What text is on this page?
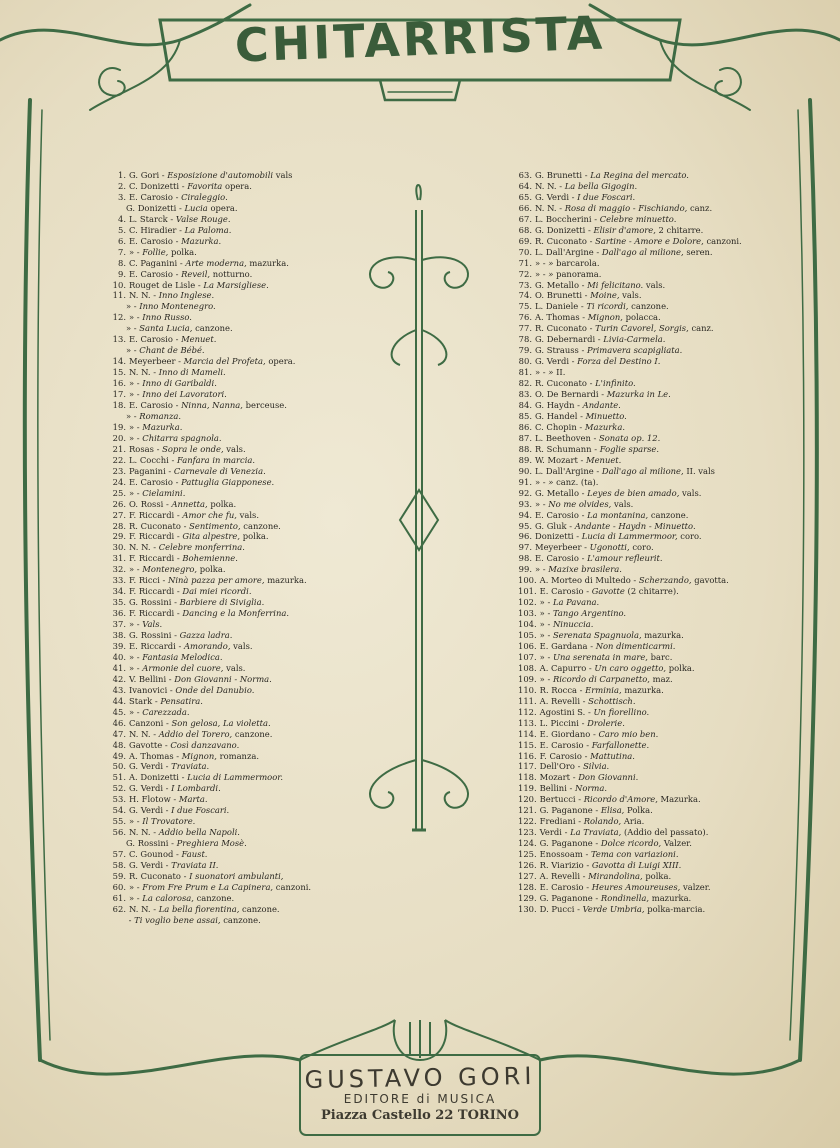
CHITARRISTA
1. G. Gori - Esposizione d'automobili vals
2. C. Donizetti - Favorita opera.
3. E. Carosio - Ciraleggio.
G. Donizetti - Lucia opera.
4. L. Starck - Valse Rouge.
5. C. Hiradier - La Paloma.
6. E. Carosio - Mazurka.
7. » - Follie, polka.
8. C. Paganini - Arte moderna, mazurka.
9. E. Carosio - Reveil, notturno.
10. Rouget de Lisle - La Marsigliese.
11. N. N. - Inno Inglese.
» - Inno Montenegro.
12. » - Inno Russo.
» - Santa Lucia, canzone.
13. E. Carosio - Menuet.
» - Chant de Bébé.
14. Meyerbeer - Marcia del Profeta, opera.
15. N. N. - Inno di Mameli.
16. » - Inno di Garibaldi.
17. » - Inno dei Lavoratori.
18. E. Carosio - Ninna, Nanna, berceuse.
» - Romanza.
19. » - Mazurka.
20. » - Chitarra spagnola.
21. Rosas - Sopra le onde, vals.
22. L. Cocchi - Fanfara in marcia.
23. Paganini - Carnevale di Venezia.
24. E. Carosio - Pattuglia Giapponese.
25. » - Cielamini.
26. O. Rossi - Annetta, polka.
27. F. Riccardi - Amor che fu, vals.
28. R. Cuconato - Sentimento, canzone.
29. F. Riccardi - Gita alpestre, polka.
30. N. N. - Celebre monferrina.
31. F. Riccardi - Bohemienne.
32. » - Montenegro, polka.
33. F. Ricci - Ninà pazza per amore, mazurka.
34. F. Riccardi - Dai miei ricordi.
35. G. Rossini - Barbiere di Siviglia.
36. F. Riccardi - Dancing e la Monferrina.
37. » - Vals.
38. G. Rossini - Gazza ladra.
39. E. Riccardi - Amorando, vals.
40. » - Fantasia Melodica.
41. » - Armonie del cuore, vals.
42. V. Bellini - Don Giovanni - Norma.
43. Ivanovici - Onde del Danubio.
44. Stark - Pensatira.
45. » - Carezzada.
46. Canzoni - Son gelosa, La violetta.
47. N. N. - Addio del Torero, canzone.
48. Gavotte - Così danzavano.
49. A. Thomas - Mignon, romanza.
50. G. Verdi - Traviata.
51. A. Donizetti - Lucia di Lammermoor.
52. G. Verdi - I Lombardi.
53. H. Flotow - Marta.
54. G. Verdi - I due Foscari.
55. » - Il Trovatore.
56. N. N. - Addio bella Napoli.
G. Rossini - Preghiera Mosè.
57. C. Gounod - Faust.
58. G. Verdi - Traviata II.
59. R. Cuconato - I suonatori ambulanti,
60. » - From Fre Prum e La Capinera, canzoni.
61. » - La calorosa, canzone.
62. N. N. - La bella fiorentina, canzone.
- Ti voglio bene assai, canzone.
63. G. Brunetti - La Regina del mercato.
64. N. N. - La bella Gigogin.
65. G. Verdi - I due Foscari.
66. N. N. - Rosa di maggio - Fischiando, canz.
67. L. Boccherini - Celebre minuetto.
68. G. Donizetti - Elisir d'amore, 2 chitarre.
69. R. Cuconato - Sartine - Amore e Dolore, canzoni.
70. L. Dall'Argine - Dall'ago al milione, seren.
71. » - » barcarola.
72. » - » panorama.
73. G. Metallo - Mi felicitano. vals.
74. O. Brunetti - Moine, vals.
75. L. Daniele - Ti ricordi, canzone.
76. A. Thomas - Mignon, polacca.
77. R. Cuconato - Turin Cavorel, Sorgis, canz.
78. G. Debernardi - Livia-Carmela.
79. G. Strauss - Primavera scapigliata.
80. G. Verdi - Forza del Destino I.
81. » - » II.
82. R. Cuconato - L'infinito.
83. O. De Bernardi - Mazurka in Le.
84. G. Haydn - Andante.
85. G. Handel - Minuetto.
86. C. Chopin - Mazurka.
87. L. Beethoven - Sonata op. 12.
88. R. Schumann - Foglie sparse.
89. W. Mozart - Menuet.
90. L. Dall'Argine - Dall'ago al milione, II. vals
91. » - » canz. (ta).
92. G. Metallo - Leyes de bien amado, vals.
93. » - No me olvides, vals.
94. E. Carosio - La montanina, canzone.
95. G. Gluk - Andante - Haydn - Minuetto.
96. Donizetti - Lucia di Lammermoor, coro.
97. Meyerbeer - Ugonotti, coro.
98. E. Carosio - L'amour refleurit.
99. » - Mazixe brasilera.
100. A. Morteo di Multedo - Scherzando, gavotta.
101. E. Carosio - Gavotte (2 chitarre).
102. » - La Pavana.
103. » - Tango Argentino.
104. » - Ninuccia.
105. » - Serenata Spagnuola, mazurka.
106. E. Gardana - Non dimenticarmi.
107. » - Una serenata in mare, barc.
108. A. Capurro - Un caro oggetto, polka.
109. » - Ricordo di Carpanetto, maz.
110. R. Rocca - Erminia, mazurka.
111. A. Revelli - Schottisch.
112. Agostini S. - Un fiorellino.
113. L. Piccini - Drolerie.
114. E. Giordano - Caro mio ben.
115. E. Carosio - Farfallonette.
116. F. Carosio - Mattutina.
117. Dell'Oro - Silvia.
118. Mozart - Don Giovanni.
119. Bellini - Norma.
120. Bertucci - Ricordo d'Amore, Mazurka.
121. G. Paganone - Elisa, Polka.
122. Frediani - Rolando, Aria.
123. Verdi - La Traviata, (Addio del passato).
124. G. Paganone - Dolce ricordo, Valzer.
125. Enossoam - Tema con variazioni.
126. R. Viarizio - Gavotta di Luigi XIII.
127. A. Revelli - Mirandolina, polka.
128. E. Carosio - Heures Amoureuses, valzer.
129. G. Paganone - Rondinella, mazurka.
130. D. Pucci - Verde Umbria, polka-marcia.
GUSTAVO GORI
EDITORE di MUSICA
Piazza Castello 22 TORINO
